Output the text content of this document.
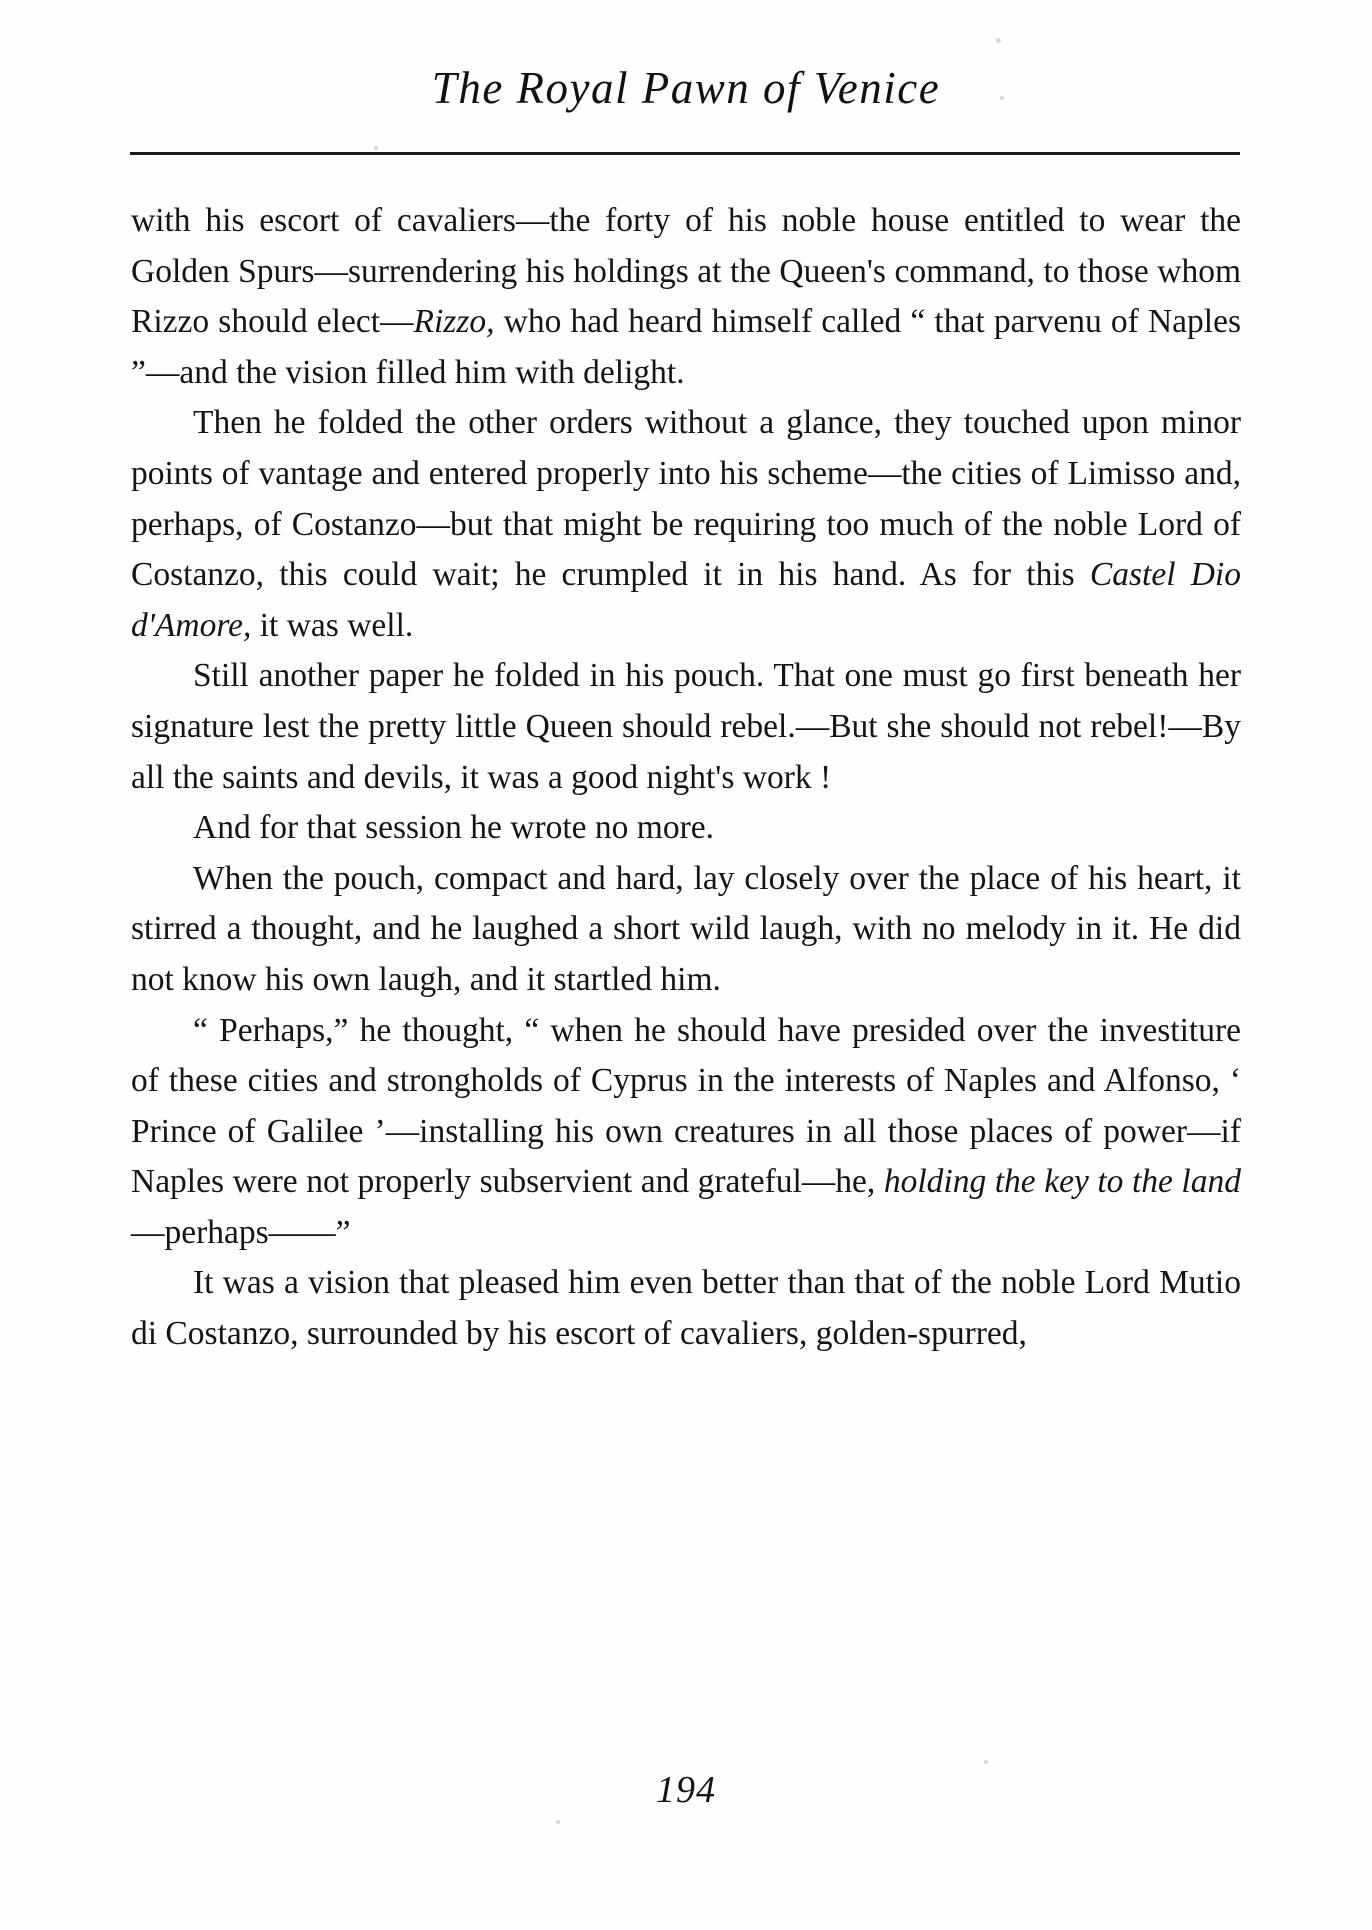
The Royal Pawn of Venice

with his escort of cavaliers—the forty of his noble house entitled to wear the Golden Spurs—surrendering his holdings at the Queen's command, to those whom Rizzo should elect—Rizzo, who had heard himself called “ that parvenu of Naples ”—and the vision filled him with delight.

Then he folded the other orders without a glance, they touched upon minor points of vantage and entered properly into his scheme—the cities of Limisso and, perhaps, of Costanzo—but that might be requiring too much of the noble Lord of Costanzo, this could wait; he crumpled it in his hand. As for this Castel Dio d'Amore, it was well.

Still another paper he folded in his pouch. That one must go first beneath her signature lest the pretty little Queen should rebel.—But she should not rebel!—By all the saints and devils, it was a good night's work !

And for that session he wrote no more.

When the pouch, compact and hard, lay closely over the place of his heart, it stirred a thought, and he laughed a short wild laugh, with no melody in it. He did not know his own laugh, and it startled him.

“ Perhaps,” he thought, “ when he should have presided over the investiture of these cities and strongholds of Cyprus in the interests of Naples and Alfonso, ‘ Prince of Galilee ’—installing his own creatures in all those places of power—if Naples were not properly subservient and grateful—he, holding the key to the land—perhaps——”

It was a vision that pleased him even better than that of the noble Lord Mutio di Costanzo, surrounded by his escort of cavaliers, golden-spurred,

194
